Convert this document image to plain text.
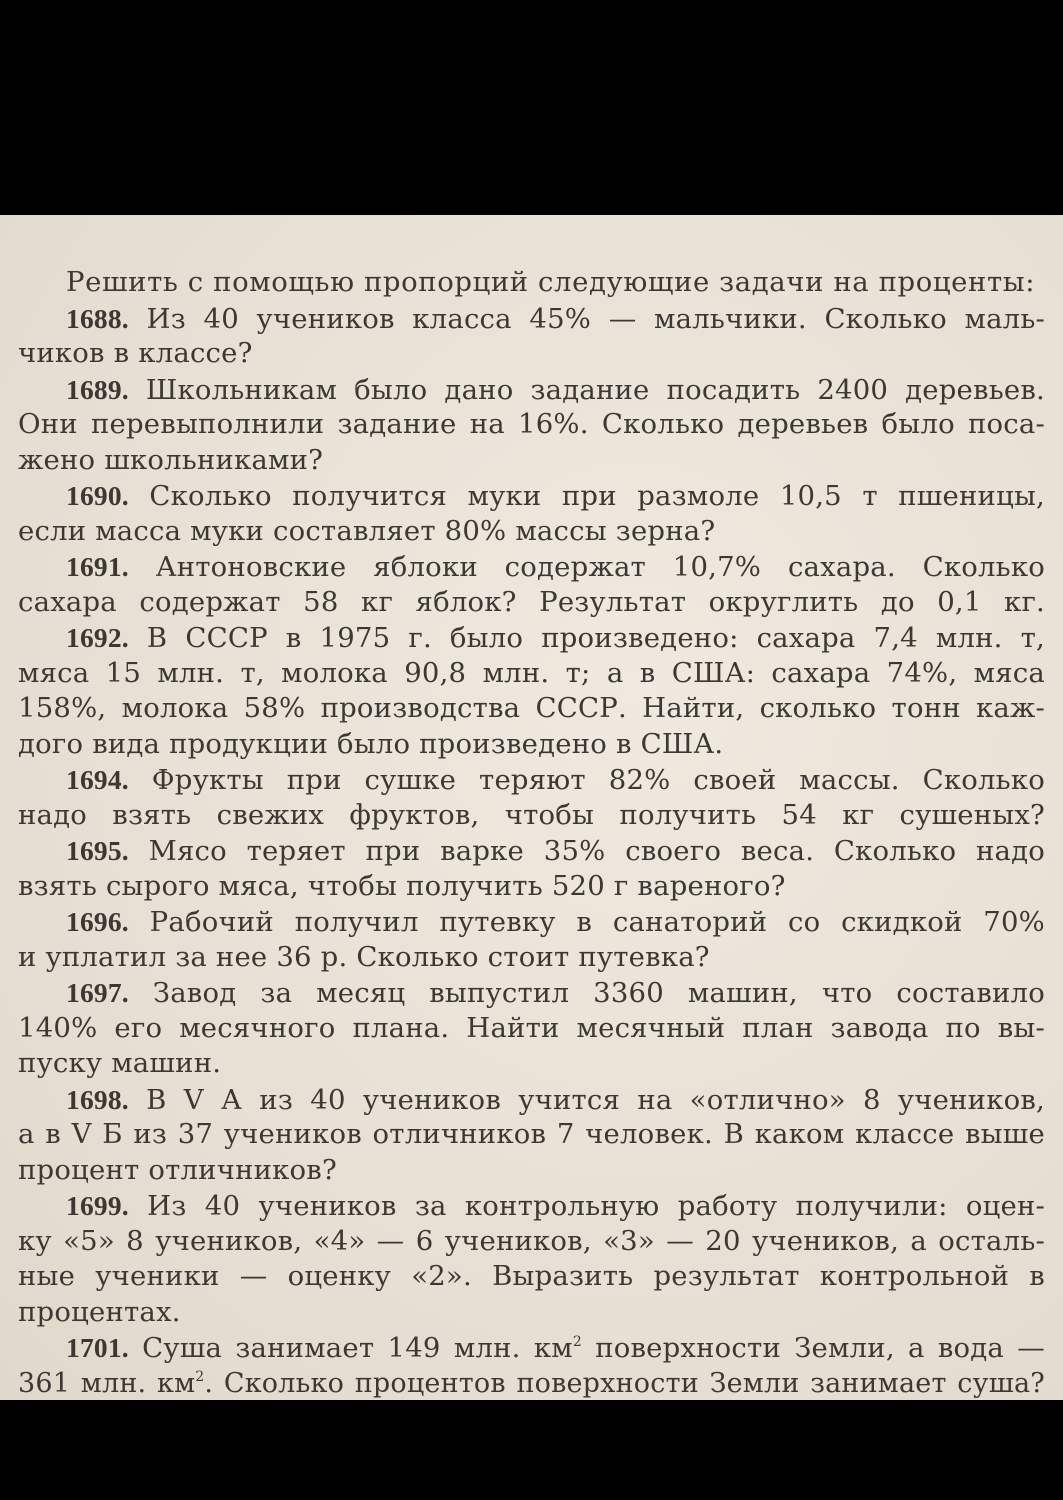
Решить с помощью пропорций следующие задачи на проценты:
1688. Из 40 учеников класса 45% — мальчики. Сколько маль-
чиков в классе?
1689. Школьникам было дано задание посадить 2400 деревьев.
Они перевыполнили задание на 16%. Сколько деревьев было поса-
жено школьниками?
1690. Сколько получится муки при размоле 10,5 т пшеницы,
если масса муки составляет 80% массы зерна?
1691. Антоновские яблоки содержат 10,7% сахара. Сколько
сахара содержат 58 кг яблок? Результат округлить до 0,1 кг.
1692. В СССР в 1975 г. было произведено: сахара 7,4 млн. т,
мяса 15 млн. т, молока 90,8 млн. т; а в США: сахара 74%, мяса
158%, молока 58% производства СССР. Найти, сколько тонн каж-
дого вида продукции было произведено в США.
1694. Фрукты при сушке теряют 82% своей массы. Сколько
надо взять свежих фруктов, чтобы получить 54 кг сушеных?
1695. Мясо теряет при варке 35% своего веса. Сколько надо
взять сырого мяса, чтобы получить 520 г вареного?
1696. Рабочий получил путевку в санаторий со скидкой 70%
и уплатил за нее 36 р. Сколько стоит путевка?
1697. Завод за месяц выпустил 3360 машин, что составило
140% его месячного плана. Найти месячный план завода по вы-
пуску машин.
1698. В V А из 40 учеников учится на «отлично» 8 учеников,
а в V Б из 37 учеников отличников 7 человек. В каком классе выше
процент отличников?
1699. Из 40 учеников за контрольную работу получили: оцен-
ку «5» 8 учеников, «4» — 6 учеников, «3» — 20 учеников, а осталь-
ные ученики — оценку «2». Выразить результат контрольной в
процентах.
1701. Суша занимает 149 млн. $км^2$ поверхности Земли, а вода —
361 млн. $км^2$. Сколько процентов поверхности Земли занимает суша?
